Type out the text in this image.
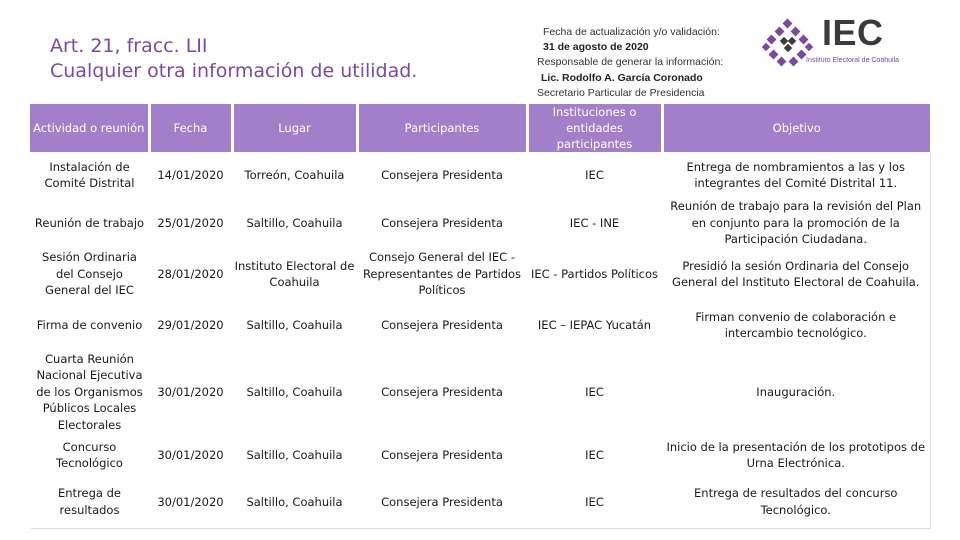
Art. 21, fracc. LII
Cualquier otra información de utilidad.
Fecha de actualización y/o validación:
31 de agosto de 2020
Responsable de generar la información:
Lic. Rodolfo A. García Coronado
Secretario Particular de Presidencia
IEC
Instituto Electoral de Coahuila
Actividad o reunión	Fecha	Lugar	Participantes	Instituciones o entidades participantes	Objetivo
Instalación de Comité Distrital	14/01/2020	Torreón, Coahuila	Consejera Presidenta	IEC	Entrega de nombramientos a las y los integrantes del Comité Distrital 11.
Reunión de trabajo	25/01/2020	Saltillo, Coahuila	Consejera Presidenta	IEC - INE	Reunión de trabajo para la revisión del Plan en conjunto para la promoción de la Participación Ciudadana.
Sesión Ordinaria del Consejo General del IEC	28/01/2020	Instituto Electoral de Coahuila	Consejo General del IEC - Representantes de Partidos Políticos	IEC - Partidos Políticos	Presidió la sesión Ordinaria del Consejo General del Instituto Electoral de Coahuila.
Firma de convenio	29/01/2020	Saltillo, Coahuila	Consejera Presidenta	IEC – IEPAC Yucatán	Firman convenio de colaboración e intercambio tecnológico.
Cuarta Reunión Nacional Ejecutiva de los Organismos Públicos Locales Electorales	30/01/2020	Saltillo, Coahuila	Consejera Presidenta	IEC	Inauguración.
Concurso Tecnológico	30/01/2020	Saltillo, Coahuila	Consejera Presidenta	IEC	Inicio de la presentación de los prototipos de Urna Electrónica.
Entrega de resultados	30/01/2020	Saltillo, Coahuila	Consejera Presidenta	IEC	Entrega de resultados del concurso Tecnológico.
